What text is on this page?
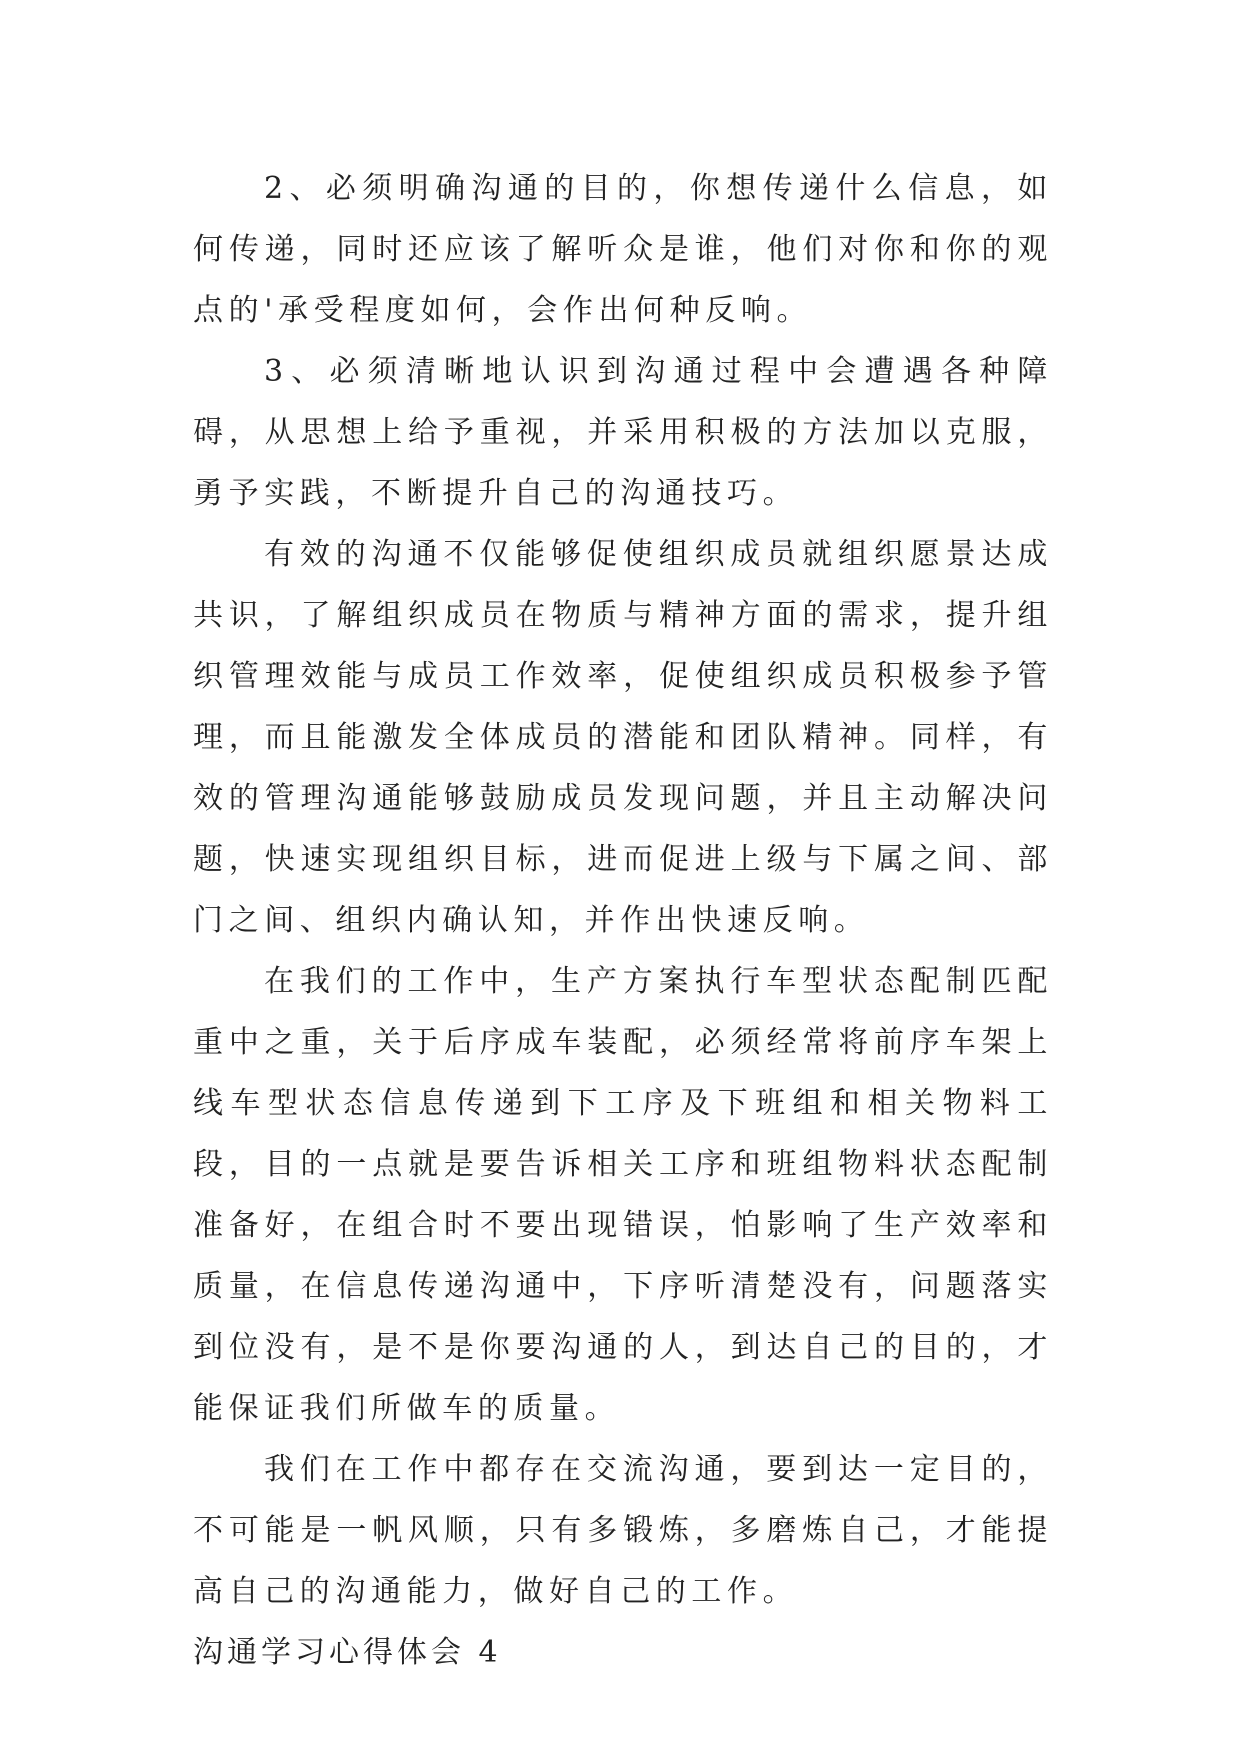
2、必须明确沟通的目的，你想传递什么信息，如何传递，同时还应该了解听众是谁，他们对你和你的观点的'承受程度如何，会作出何种反响。

3、必须清晰地认识到沟通过程中会遭遇各种障碍，从思想上给予重视，并采用积极的方法加以克服，勇予实践，不断提升自己的沟通技巧。

有效的沟通不仅能够促使组织成员就组织愿景达成共识，了解组织成员在物质与精神方面的需求，提升组织管理效能与成员工作效率，促使组织成员积极参予管理，而且能激发全体成员的潜能和团队精神。同样，有效的管理沟通能够鼓励成员发现问题，并且主动解决问题，快速实现组织目标，进而促进上级与下属之间、部门之间、组织内确认知，并作出快速反响。

在我们的工作中，生产方案执行车型状态配制匹配重中之重，关于后序成车装配，必须经常将前序车架上线车型状态信息传递到下工序及下班组和相关物料工段，目的一点就是要告诉相关工序和班组物料状态配制准备好，在组合时不要出现错误，怕影响了生产效率和质量，在信息传递沟通中，下序听清楚没有，问题落实到位没有，是不是你要沟通的人，到达自己的目的，才能保证我们所做车的质量。

我们在工作中都存在交流沟通，要到达一定目的，不可能是一帆风顺，只有多锻炼，多磨炼自己，才能提高自己的沟通能力，做好自己的工作。

沟通学习心得体会 4
